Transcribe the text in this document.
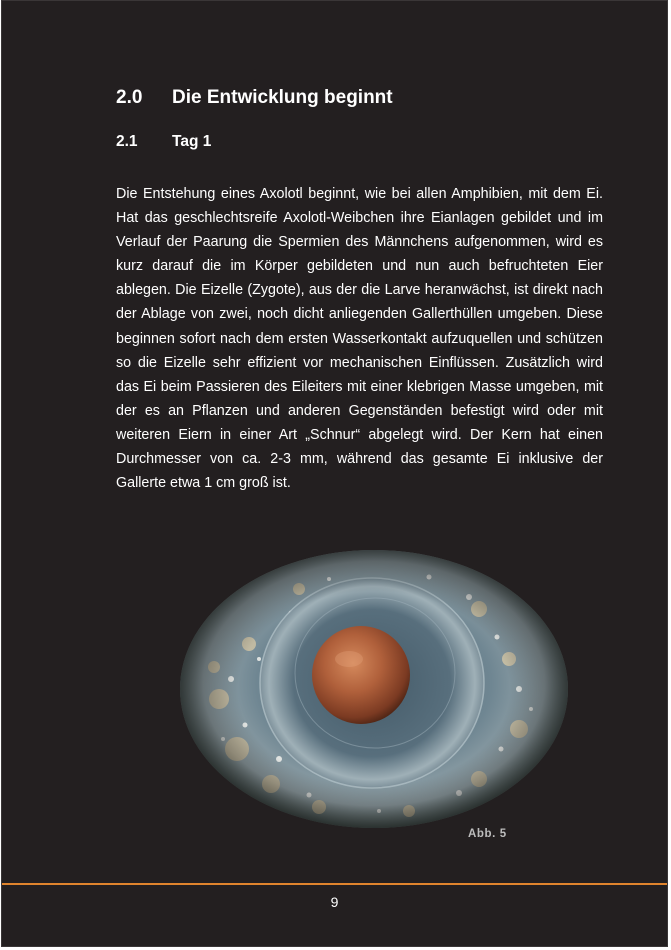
2.0 Die Entwicklung beginnt
2.1 Tag 1

Die Entstehung eines Axolotl beginnt, wie bei allen Amphibien, mit dem Ei. Hat das geschlechtsreife Axolotl-Weibchen ihre Eianlagen gebildet und im Verlauf der Paarung die Spermien des Männchens aufgenommen, wird es kurz darauf die im Körper gebildeten und nun auch befruchteten Eier ablegen. Die Eizelle (Zygote), aus der die Larve heranwächst, ist direkt nach der Ablage von zwei, noch dicht anliegenden Gallerthüllen umgeben. Diese beginnen sofort nach dem ersten Wasserkontakt aufzuquellen und schützen so die Eizelle sehr effizient vor mechanischen Einflüssen. Zusätzlich wird das Ei beim Passieren des Eileiters mit einer klebrigen Masse umgeben, mit der es an Pflanzen und anderen Gegenständen befestigt wird oder mit weiteren Eiern in einer Art „Schnur“ abgelegt wird. Der Kern hat einen Durchmesser von ca. 2-3 mm, während das gesamte Ei inklusive der Gallerte etwa 1 cm groß ist.

Abb. 5
9
